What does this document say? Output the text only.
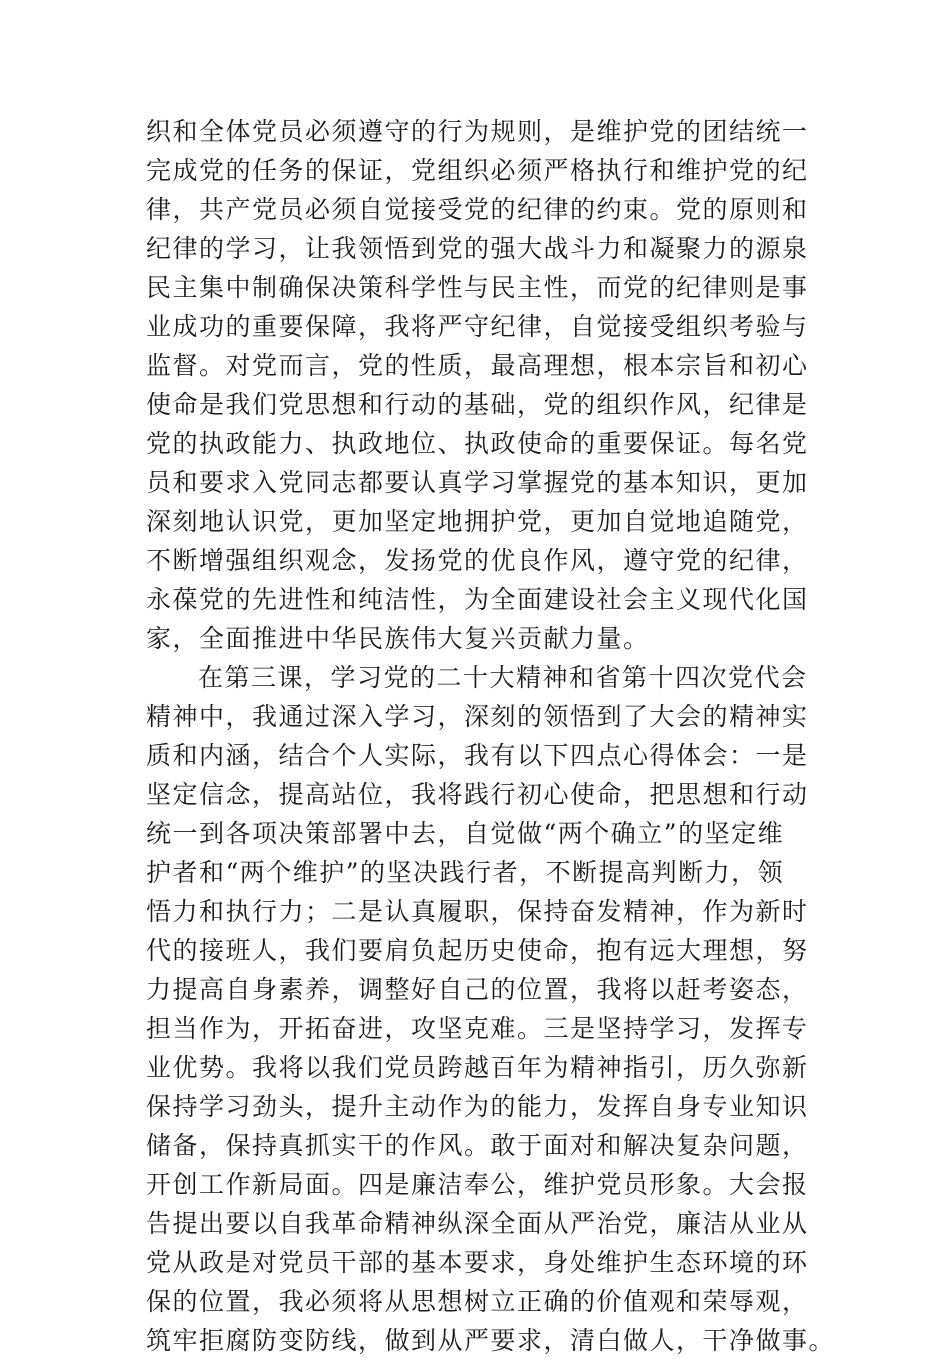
织和全体党员必须遵守的行为规则，是维护党的团结统一
完成党的任务的保证，党组织必须严格执行和维护党的纪
律，共产党员必须自觉接受党的纪律的约束。党的原则和
纪律的学习，让我领悟到党的强大战斗力和凝聚力的源泉
民主集中制确保决策科学性与民主性，而党的纪律则是事
业成功的重要保障，我将严守纪律，自觉接受组织考验与
监督。对党而言，党的性质，最高理想，根本宗旨和初心
使命是我们党思想和行动的基础，党的组织作风，纪律是
党的执政能力、执政地位、执政使命的重要保证。每名党
员和要求入党同志都要认真学习掌握党的基本知识，更加
深刻地认识党，更加坚定地拥护党，更加自觉地追随党，
不断增强组织观念，发扬党的优良作风，遵守党的纪律，
永葆党的先进性和纯洁性，为全面建设社会主义现代化国
家，全面推进中华民族伟大复兴贡献力量。
在第三课，学习党的二十大精神和省第十四次党代会
精神中，我通过深入学习，深刻的领悟到了大会的精神实
质和内涵，结合个人实际，我有以下四点心得体会：一是
坚定信念，提高站位，我将践行初心使命，把思想和行动
统一到各项决策部署中去，自觉做“两个确立”的坚定维
护者和“两个维护”的坚决践行者，不断提高判断力，领
悟力和执行力；二是认真履职，保持奋发精神，作为新时
代的接班人，我们要肩负起历史使命，抱有远大理想，努
力提高自身素养，调整好自己的位置，我将以赶考姿态，
担当作为，开拓奋进，攻坚克难。三是坚持学习，发挥专
业优势。我将以我们党员跨越百年为精神指引，历久弥新
保持学习劲头，提升主动作为的能力，发挥自身专业知识
储备，保持真抓实干的作风。敢于面对和解决复杂问题，
开创工作新局面。四是廉洁奉公，维护党员形象。大会报
告提出要以自我革命精神纵深全面从严治党，廉洁从业从
党从政是对党员干部的基本要求，身处维护生态环境的环
保的位置，我必须将从思想树立正确的价值观和荣辱观，
筑牢拒腐防变防线，做到从严要求，清白做人，干净做事。
